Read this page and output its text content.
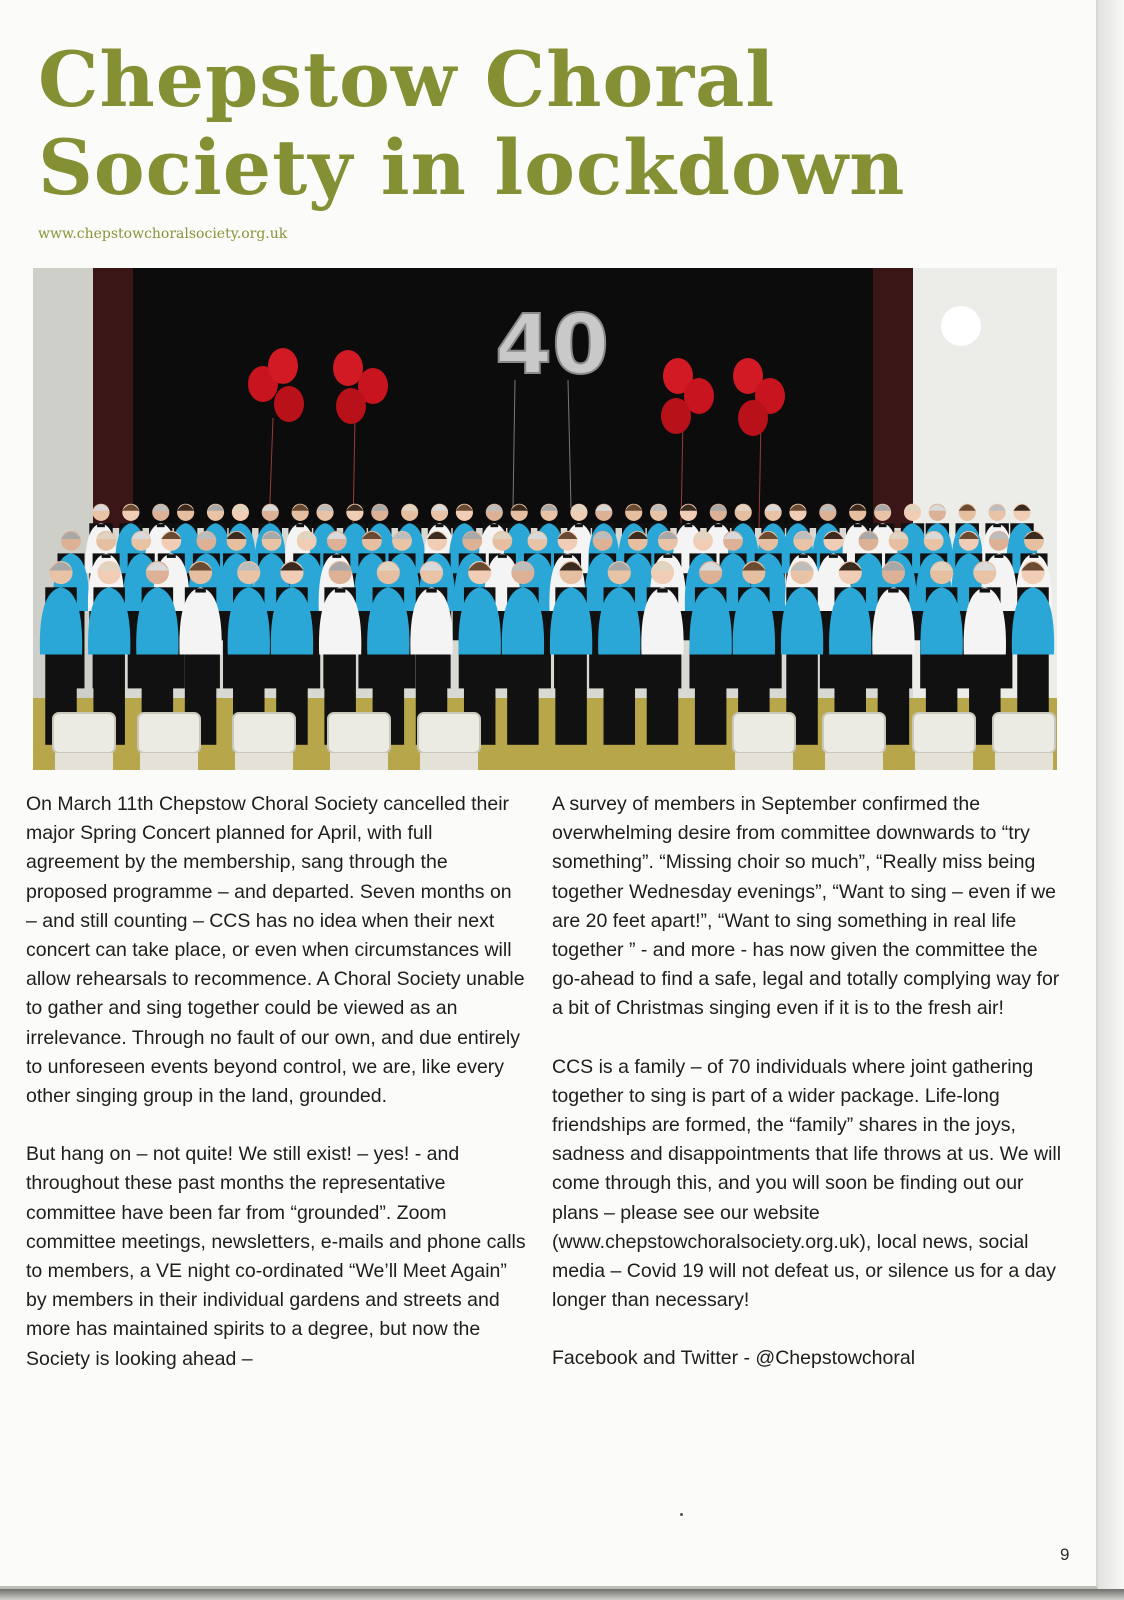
Chepstow Choral
Society in lockdown
www.chepstowchoralsociety.org.uk
40

On March 11th Chepstow Choral Society cancelled their major Spring Concert planned for April, with full agreement by the membership, sang through the proposed programme – and departed. Seven months on – and still counting – CCS has no idea when their next concert can take place, or even when circumstances will allow rehearsals to recommence. A Choral Society unable to gather and sing together could be viewed as an irrelevance. Through no fault of our own, and due entirely to unforeseen events beyond control, we are, like every other singing group in the land, grounded.

But hang on – not quite! We still exist! – yes! - and throughout these past months the representative committee have been far from “grounded”. Zoom committee meetings, newsletters, e-mails and phone calls to members, a VE night co-ordinated “We’ll Meet Again” by members in their individual gardens and streets and more has maintained spirits to a degree, but now the Society is looking ahead –

A survey of members in September confirmed the overwhelming desire from committee downwards to “try something”. “Missing choir so much”, “Really miss being together Wednesday evenings”, “Want to sing – even if we are 20 feet apart!”, “Want to sing something in real life together ” - and more - has now given the committee the go-ahead to find a safe, legal and totally complying way for a bit of Christmas singing even if it is to the fresh air!

CCS is a family – of 70 individuals where joint gathering together to sing is part of a wider package. Life-long friendships are formed, the “family” shares in the joys, sadness and disappointments that life throws at us. We will come through this, and you will soon be finding out our plans – please see our website (www.chepstowchoralsociety.org.uk), local news, social media – Covid 19 will not defeat us, or silence us for a day longer than necessary!

Facebook and Twitter - @Chepstowchoral

9
